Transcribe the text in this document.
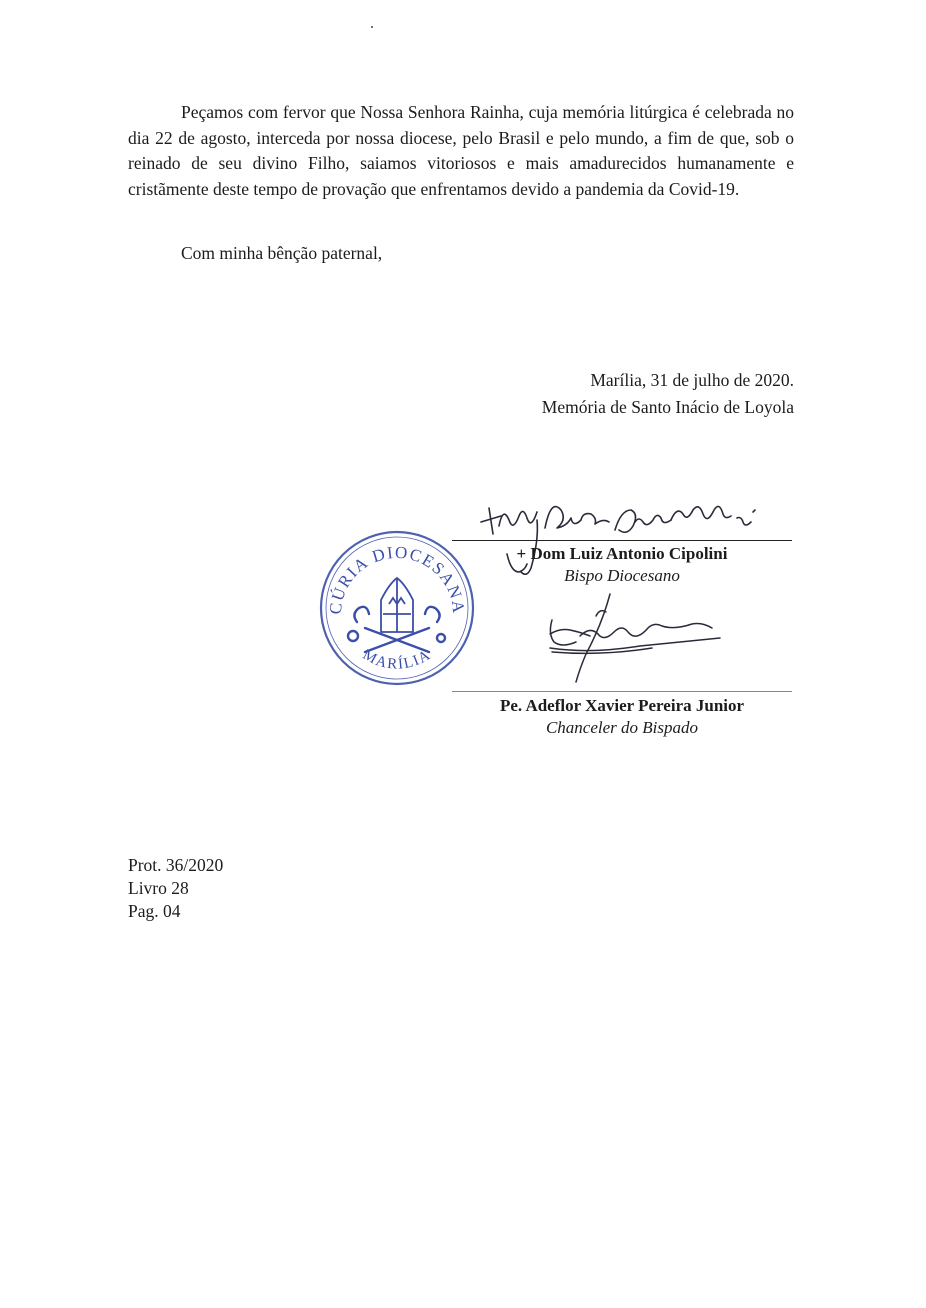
Peçamos com fervor que Nossa Senhora Rainha, cuja memória litúrgica é celebrada no dia 22 de agosto, interceda por nossa diocese, pelo Brasil e pelo mundo, a fim de que, sob o reinado de seu divino Filho, saiamos vitoriosos e mais amadurecidos humanamente e cristãmente deste tempo de provação que enfrentamos devido a pandemia da Covid-19.

Com minha bênção paternal,

Marília, 31 de julho de 2020.
Memória de Santo Inácio de Loyola
CÚRIA DIOCESANA
MARÍLIA
+ Dom Luiz Antonio Cipolini
Bispo Diocesano
Pe. Adeflor Xavier Pereira Junior
Chanceler do Bispado
Prot. 36/2020
Livro 28
Pag. 04
